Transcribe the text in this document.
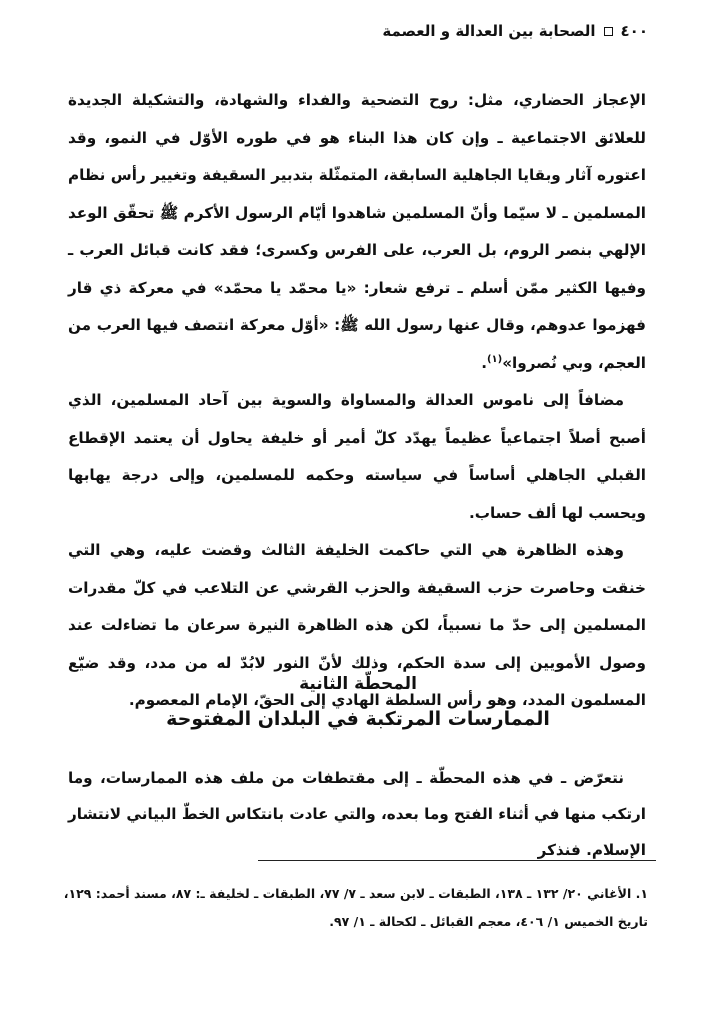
٤٠٠
الصحابة بين العدالة و العصمة

الإعجاز الحضاري، مثل: روح التضحية والفداء والشهادة، والتشكيلة الجديدة للعلائق الاجتماعية ـ وإن كان هذا البناء هو في طوره الأوّل في النمو، وقد اعتوره آثار وبقايا الجاهلية السابقة، المتمثّلة بتدبير السقيفة وتغيير رأس نظام المسلمين ـ لا سيّما وأنّ المسلمين شاهدوا أيّام الرسول الأكرم ﷺ تحقّق الوعد الإلهي بنصر الروم، بل العرب، على الفرس وكسرى؛ فقد كانت قبائل العرب ـ وفيها الكثير ممّن أسلم ـ ترفع شعار: «يا محمّد يا محمّد» في معركة ذي قار فهزموا عدوهم، وقال عنها رسول الله ﷺ: «أوّل معركة انتصف فيها العرب من العجم، وبي نُصروا»$^{(١)}$.

مضافاً إلى ناموس العدالة والمساواة والسوية بين آحاد المسلمين، الذي أصبح أصلاً اجتماعياً عظيماً يهدّد كلّ أمير أو خليفة يحاول أن يعتمد الإقطاع القبلي الجاهلي أساساً في سياسته وحكمه للمسلمين، وإلى درجة يهابها ويحسب لها ألف حساب.

وهذه الظاهرة هي التي حاكمت الخليفة الثالث وقضت عليه، وهي التي خنقت وحاصرت حزب السقيفة والحزب القرشي عن التلاعب في كلّ مقدرات المسلمين إلى حدّ ما نسبياً، لكن هذه الظاهرة النيرة سرعان ما تضاءلت عند وصول الأمويين إلى سدة الحكم، وذلك لأنّ النور لابُدّ له من مدد، وقد ضيّع المسلمون المدد، وهو رأس السلطة الهادي إلى الحقّ، الإمام المعصوم.

المحطّة الثانية
الممارسات المرتكبة في البلدان المفتوحة

نتعرّض ـ في هذه المحطّة ـ إلى مقتطفات من ملف هذه الممارسات، وما ارتكب منها في أثناء الفتح وما بعده، والتي عادت بانتكاس الخطّ البياني لانتشار الإسلام. فنذكر

١. الأغاني ٢٠/ ١٣٢ ـ ١٣٨، الطبقات ـ لابن سعد ـ ٧/ ٧٧، الطبقات ـ لخليفة ـ: ٨٧، مسند أحمد: ١٢٩، تاريخ الخميس ١/ ٤٠٦، معجم القبائل ـ لكحالة ـ ١/ ٩٧.
